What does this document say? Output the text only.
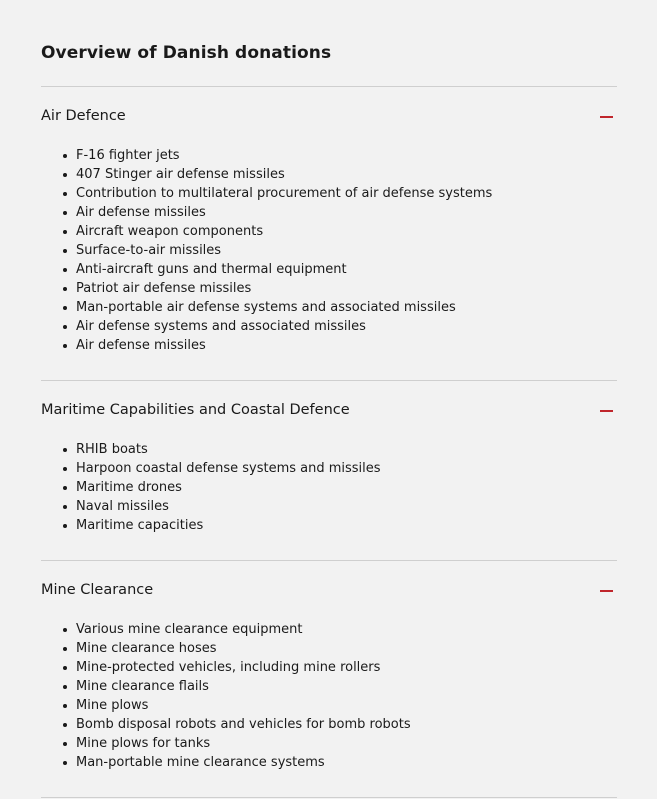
Overview of Danish donations
Air Defence
F-16 fighter jets
407 Stinger air defense missiles
Contribution to multilateral procurement of air defense systems
Air defense missiles
Aircraft weapon components
Surface-to-air missiles
Anti-aircraft guns and thermal equipment
Patriot air defense missiles
Man-portable air defense systems and associated missiles
Air defense systems and associated missiles
Air defense missiles
Maritime Capabilities and Coastal Defence
RHIB boats
Harpoon coastal defense systems and missiles
Maritime drones
Naval missiles
Maritime capacities
Mine Clearance
Various mine clearance equipment
Mine clearance hoses
Mine-protected vehicles, including mine rollers
Mine clearance flails
Mine plows
Bomb disposal robots and vehicles for bomb robots
Mine plows for tanks
Man-portable mine clearance systems
